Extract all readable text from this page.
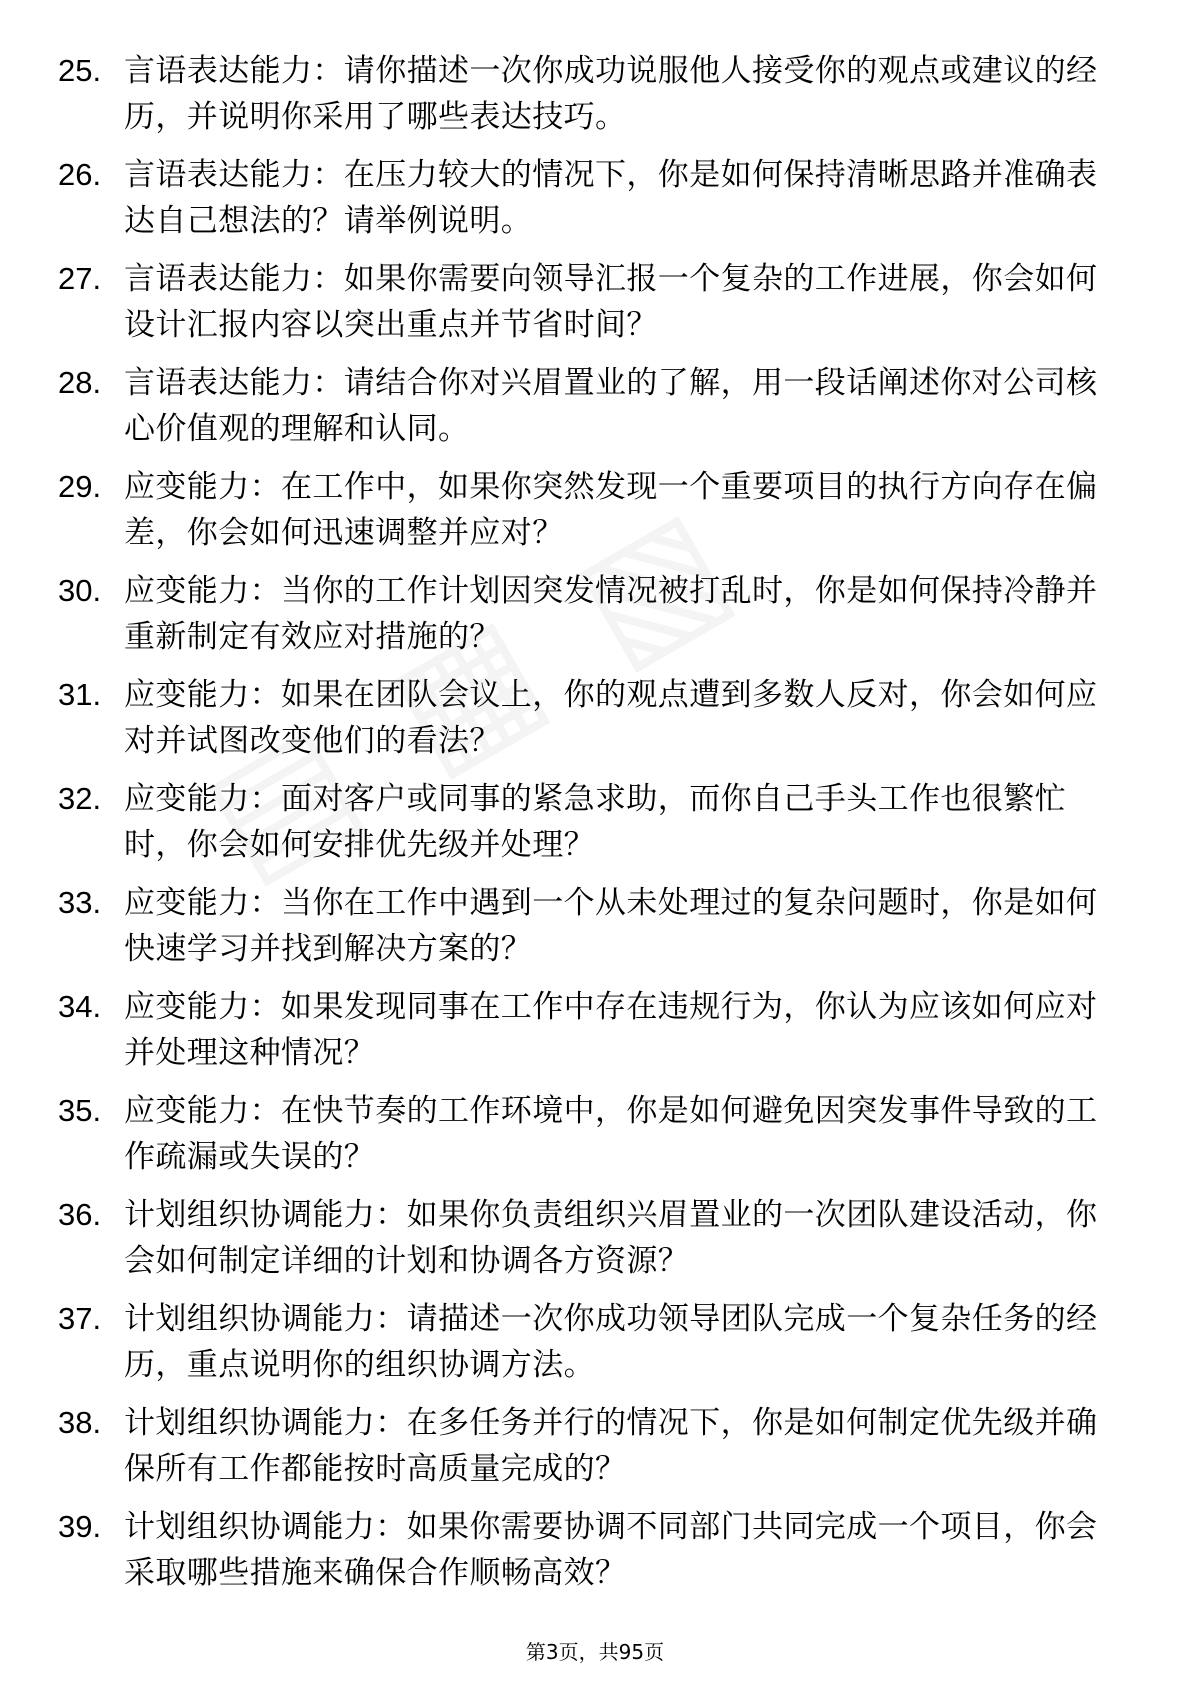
25. 言语表达能力：请你描述一次你成功说服他人接受你的观点或建议的经历，并说明你采用了哪些表达技巧。
26. 言语表达能力：在压力较大的情况下，你是如何保持清晰思路并准确表达自己想法的？请举例说明。
27. 言语表达能力：如果你需要向领导汇报一个复杂的工作进展，你会如何设计汇报内容以突出重点并节省时间？
28. 言语表达能力：请结合你对兴眉置业的了解，用一段话阐述你对公司核心价值观的理解和认同。
29. 应变能力：在工作中，如果你突然发现一个重要项目的执行方向存在偏差，你会如何迅速调整并应对？
30. 应变能力：当你的工作计划因突发情况被打乱时，你是如何保持冷静并重新制定有效应对措施的？
31. 应变能力：如果在团队会议上，你的观点遭到多数人反对，你会如何应对并试图改变他们的看法？
32. 应变能力：面对客户或同事的紧急求助，而你自己手头工作也很繁忙时，你会如何安排优先级并处理？
33. 应变能力：当你在工作中遇到一个从未处理过的复杂问题时，你是如何快速学习并找到解决方案的？
34. 应变能力：如果发现同事在工作中存在违规行为，你认为应该如何应对并处理这种情况？
35. 应变能力：在快节奏的工作环境中，你是如何避免因突发事件导致的工作疏漏或失误的？
36. 计划组织协调能力：如果你负责组织兴眉置业的一次团队建设活动，你会如何制定详细的计划和协调各方资源？
37. 计划组织协调能力：请描述一次你成功领导团队完成一个复杂任务的经历，重点说明你的组织协调方法。
38. 计划组织协调能力：在多任务并行的情况下，你是如何制定优先级并确保所有工作都能按时高质量完成的？
39. 计划组织协调能力：如果你需要协调不同部门共同完成一个项目，你会采取哪些措施来确保合作顺畅高效？
第3页，共95页
